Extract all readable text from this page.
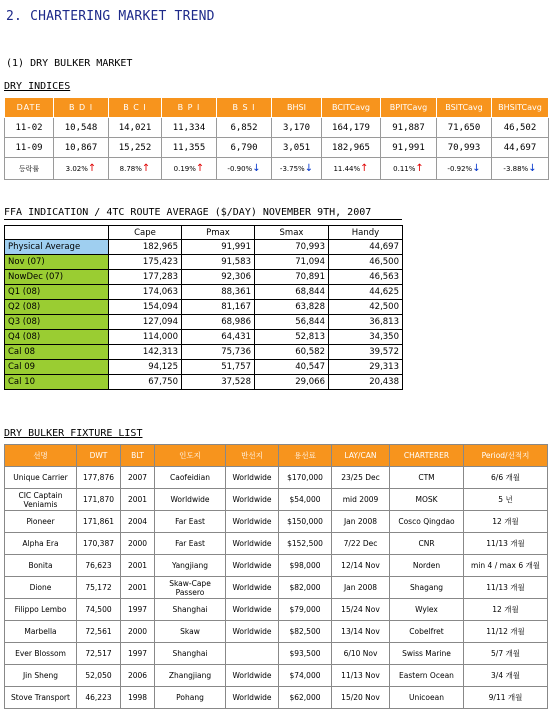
2. CHARTERING MARKET TREND
(1) DRY BULKER MARKET
DRY INDICES
DATE	B D I	B C I	B P I	B S I	BHSI	BCITCavg	BPITCavg	BSITCavg	BHSITCavg
11-02	10,548	14,021	11,334	6,852	3,170	164,179	91,887	71,650	46,502
11-09	10,867	15,252	11,355	6,790	3,051	182,965	91,991	70,993	44,697
등락률	3.02%↑	8.78%↑	0.19%↑	-0.90%↓	-3.75%↓	11.44%↑	0.11%↑	-0.92%↓	-3.88%↓
FFA INDICATION / 4TC ROUTE AVERAGE ($/DAY) NOVEMBER 9TH, 2007
	Cape	Pmax	Smax	Handy
Physical Average	182,965	91,991	70,993	44,697
Nov (07)	175,423	91,583	71,094	46,500
NowDec (07)	177,283	92,306	70,891	46,563
Q1 (08)	174,063	88,361	68,844	44,625
Q2 (08)	154,094	81,167	63,828	42,500
Q3 (08)	127,094	68,986	56,844	36,813
Q4 (08)	114,000	64,431	52,813	34,350
Cal 08	142,313	75,736	60,582	39,572
Cal 09	94,125	51,757	40,547	29,313
Cal 10	67,750	37,528	29,066	20,438
DRY BULKER FIXTURE LIST
선명	DWT	BLT	인도지	반선지	용선료	LAY/CAN	CHARTERER	Period/선적지
Unique Carrier	177,876	2007	Caofeidian	Worldwide	$170,000	23/25 Dec	CTM	6/6 개월
CIC Captain Veniamis	171,870	2001	Worldwide	Worldwide	$54,000	mid 2009	MOSK	5 년
Pioneer	171,861	2004	Far East	Worldwide	$150,000	Jan 2008	Cosco Qingdao	12 개월
Alpha Era	170,387	2000	Far East	Worldwide	$152,500	7/22 Dec	CNR	11/13 개월
Bonita	76,623	2001	Yangjiang	Worldwide	$98,000	12/14 Nov	Norden	min 4 / max 6 개월
Dione	75,172	2001	Skaw-Cape Passero	Worldwide	$82,000	Jan 2008	Shagang	11/13 개월
Filippo Lembo	74,500	1997	Shanghai	Worldwide	$79,000	15/24 Nov	Wylex	12 개월
Marbella	72,561	2000	Skaw	Worldwide	$82,500	13/14 Nov	Cobelfret	11/12 개월
Ever Blossom	72,517	1997	Shanghai		$93,500	6/10 Nov	Swiss Marine	5/7 개월
Jin Sheng	52,050	2006	Zhangjiang	Worldwide	$74,000	11/13 Nov	Eastern Ocean	3/4 개월
Stove Transport	46,223	1998	Pohang	Worldwide	$62,000	15/20 Nov	Unicoean	9/11 개월
